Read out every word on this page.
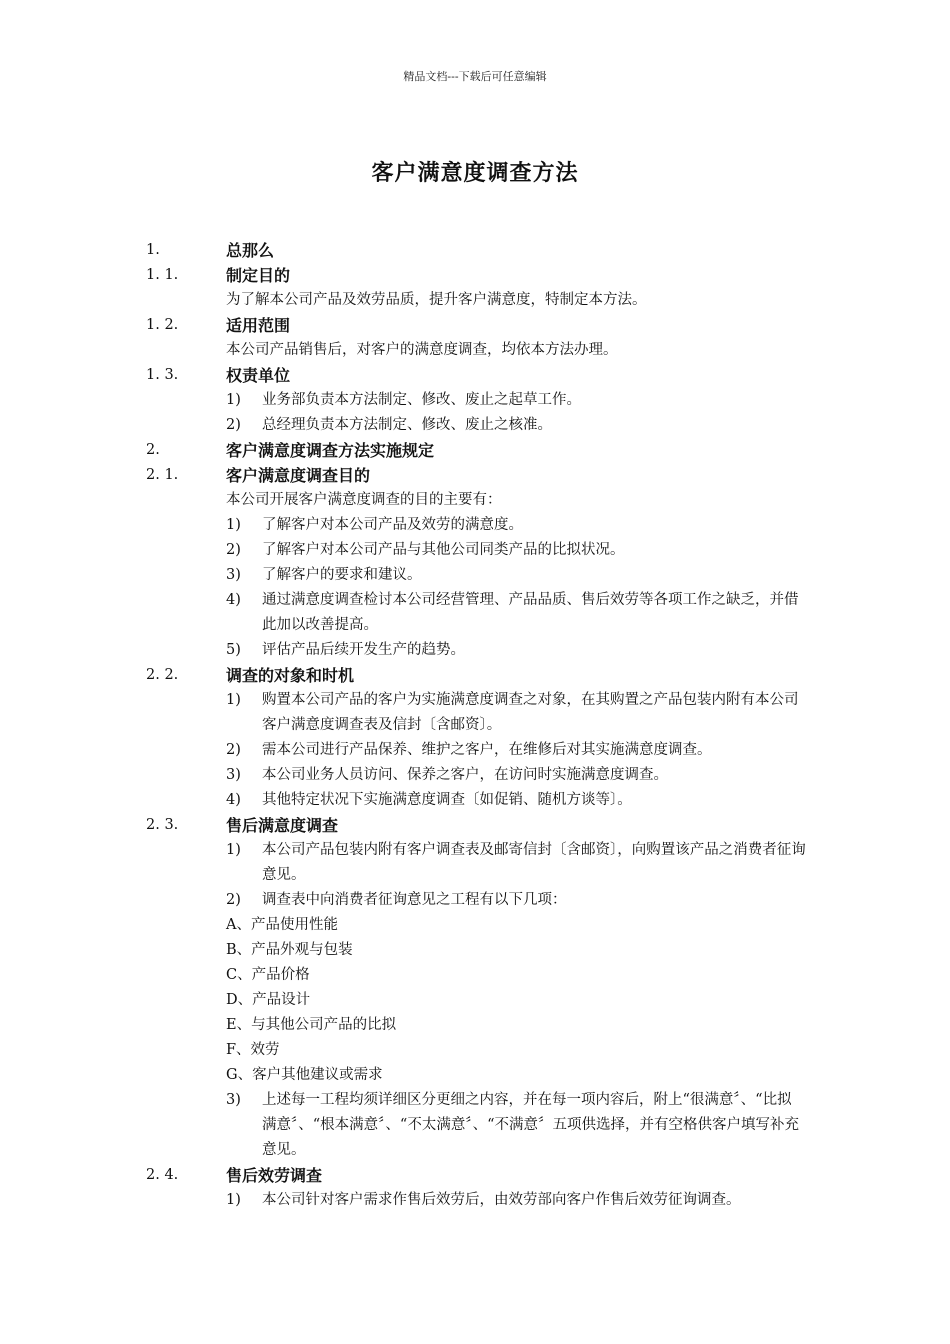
精品文档---下载后可任意编辑
客户满意度调查方法
1.	总那么
1. 1.	制定目的
为了解本公司产品及效劳品质，提升客户满意度，特制定本方法。
1. 2.	适用范围
本公司产品销售后，对客户的满意度调查，均依本方法办理。
1. 3.	权责单位
1) 业务部负责本方法制定、修改、废止之起草工作。
2) 总经理负责本方法制定、修改、废止之核准。
2.	客户满意度调查方法实施规定
2. 1.	客户满意度调查目的
本公司开展客户满意度调查的目的主要有：
1) 了解客户对本公司产品及效劳的满意度。
2) 了解客户对本公司产品与其他公司同类产品的比拟状况。
3) 了解客户的要求和建议。
4) 通过满意度调查检讨本公司经营管理、产品品质、售后效劳等各项工作之缺乏，并借此加以改善提高。
5) 评估产品后续开发生产的趋势。
2. 2.	调查的对象和时机
1) 购置本公司产品的客户为实施满意度调查之对象，在其购置之产品包装内附有本公司客户满意度调查表及信封〔含邮资〕。
2) 需本公司进行产品保养、维护之客户，在维修后对其实施满意度调查。
3) 本公司业务人员访问、保养之客户，在访问时实施满意度调查。
4) 其他特定状况下实施满意度调查〔如促销、随机方谈等〕。
2. 3.	售后满意度调查
1) 本公司产品包装内附有客户调查表及邮寄信封〔含邮资〕，向购置该产品之消费者征询意见。
2) 调查表中向消费者征询意见之工程有以下几项：
A、产品使用性能
B、产品外观与包装
C、产品价格
D、产品设计
E、与其他公司产品的比拟
F、效劳
G、客户其他建议或需求
3) 上述每一工程均须详细区分更细之内容，并在每一项内容后，附上“很满意〞、“比拟满意〞、“根本满意〞、“不太满意〞、“不满意〞五项供选择，并有空格供客户填写补充意见。
2. 4.	售后效劳调查
1) 本公司针对客户需求作售后效劳后，由效劳部向客户作售后效劳征询调查。
